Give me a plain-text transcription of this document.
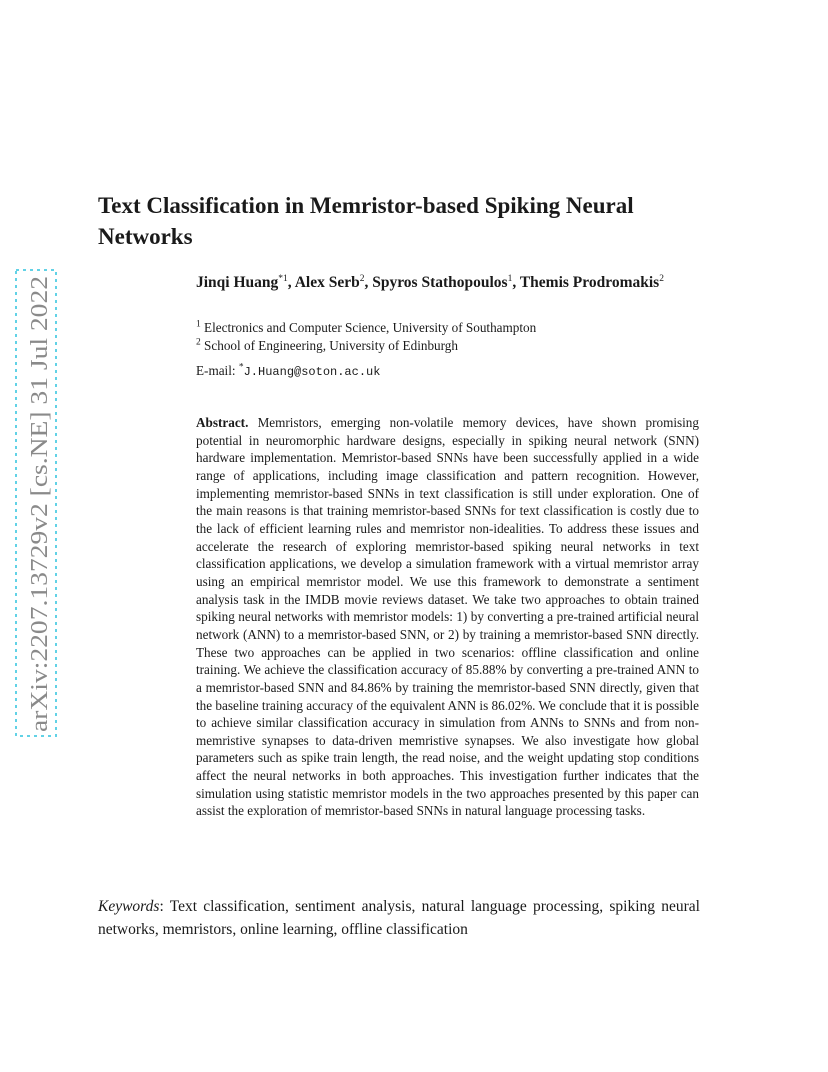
arXiv:2207.13729v2 [cs.NE] 31 Jul 2022
Text Classification in Memristor-based Spiking Neural Networks

Jinqi Huang$^{*1}$, Alex Serb$^2$, Spyros Stathopoulos$^1$, Themis Prodromakis$^2$

$^1$ Electronics and Computer Science, University of Southampton

$^2$ School of Engineering, University of Edinburgh

E-mail: *J.Huang@soton.ac.uk

Abstract. Memristors, emerging non-volatile memory devices, have shown promising potential in neuromorphic hardware designs, especially in spiking neural network (SNN) hardware implementation. Memristor-based SNNs have been successfully applied in a wide range of applications, including image classification and pattern recognition. However, implementing memristor-based SNNs in text classification is still under exploration. One of the main reasons is that training memristor-based SNNs for text classification is costly due to the lack of efficient learning rules and memristor non-idealities. To address these issues and accelerate the research of exploring memristor-based spiking neural networks in text classification applications, we develop a simulation framework with a virtual memristor array using an empirical memristor model. We use this framework to demonstrate a sentiment analysis task in the IMDB movie reviews dataset. We take two approaches to obtain trained spiking neural networks with memristor models: 1) by converting a pre-trained artificial neural network (ANN) to a memristor-based SNN, or 2) by training a memristor-based SNN directly. These two approaches can be applied in two scenarios: offline classification and online training. We achieve the classification accuracy of 85.88% by converting a pre-trained ANN to a memristor-based SNN and 84.86% by training the memristor-based SNN directly, given that the baseline training accuracy of the equivalent ANN is 86.02%. We conclude that it is possible to achieve similar classification accuracy in simulation from ANNs to SNNs and from non-memristive synapses to data-driven memristive synapses. We also investigate how global parameters such as spike train length, the read noise, and the weight updating stop conditions affect the neural networks in both approaches. This investigation further indicates that the simulation using statistic memristor models in the two approaches presented by this paper can assist the exploration of memristor-based SNNs in natural language processing tasks.

Keywords: Text classification, sentiment analysis, natural language processing, spiking neural networks, memristors, online learning, offline classification
